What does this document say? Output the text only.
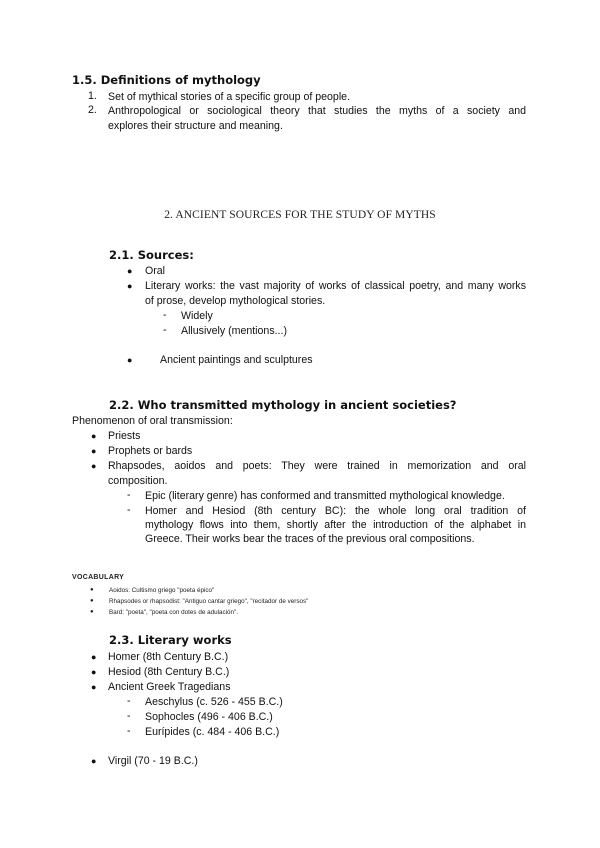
1.5. Definitions of mythology
1. Set of mythical stories of a specific group of people.
2. Anthropological or sociological theory that studies the myths of a society and
explores their structure and meaning.
2. ANCIENT SOURCES FOR THE STUDY OF MYTHS
2.1. Sources:
● Oral
● Literary works: the vast majority of works of classical poetry, and many works
of prose, develop mythological stories.
- Widely
- Allusively (mentions...)
●	Ancient paintings and sculptures
2.2. Who transmitted mythology in ancient societies?
Phenomenon of oral transmission:
● Priests
● Prophets or bards
● Rhapsodes, aoidos and poets: They were trained in memorization and oral
composition.
- Epic (literary genre) has conformed and transmitted mythological knowledge.
- Homer and Hesiod (8th century BC): the whole long oral tradition of
mythology flows into them, shortly after the introduction of the alphabet in
Greece. Their works bear the traces of the previous oral compositions.
VOCABULARY
● Aoidos: Cultismo griego "poeta épico"
● Rhapsodes or rhapsodist: "Antiguo cantar griego", "recitador de versos"
● Bard: "poeta", "poeta con dotes de adulación".
2.3. Literary works
● Homer (8th Century B.C.)
● Hesiod (8th Century B.C.)
● Ancient Greek Tragedians
- Aeschylus (c. 526 - 455 B.C.)
- Sophocles (496 - 406 B.C.)
- Eurípides (c. 484 - 406 B.C.)
● Virgil (70 - 19 B.C.)
